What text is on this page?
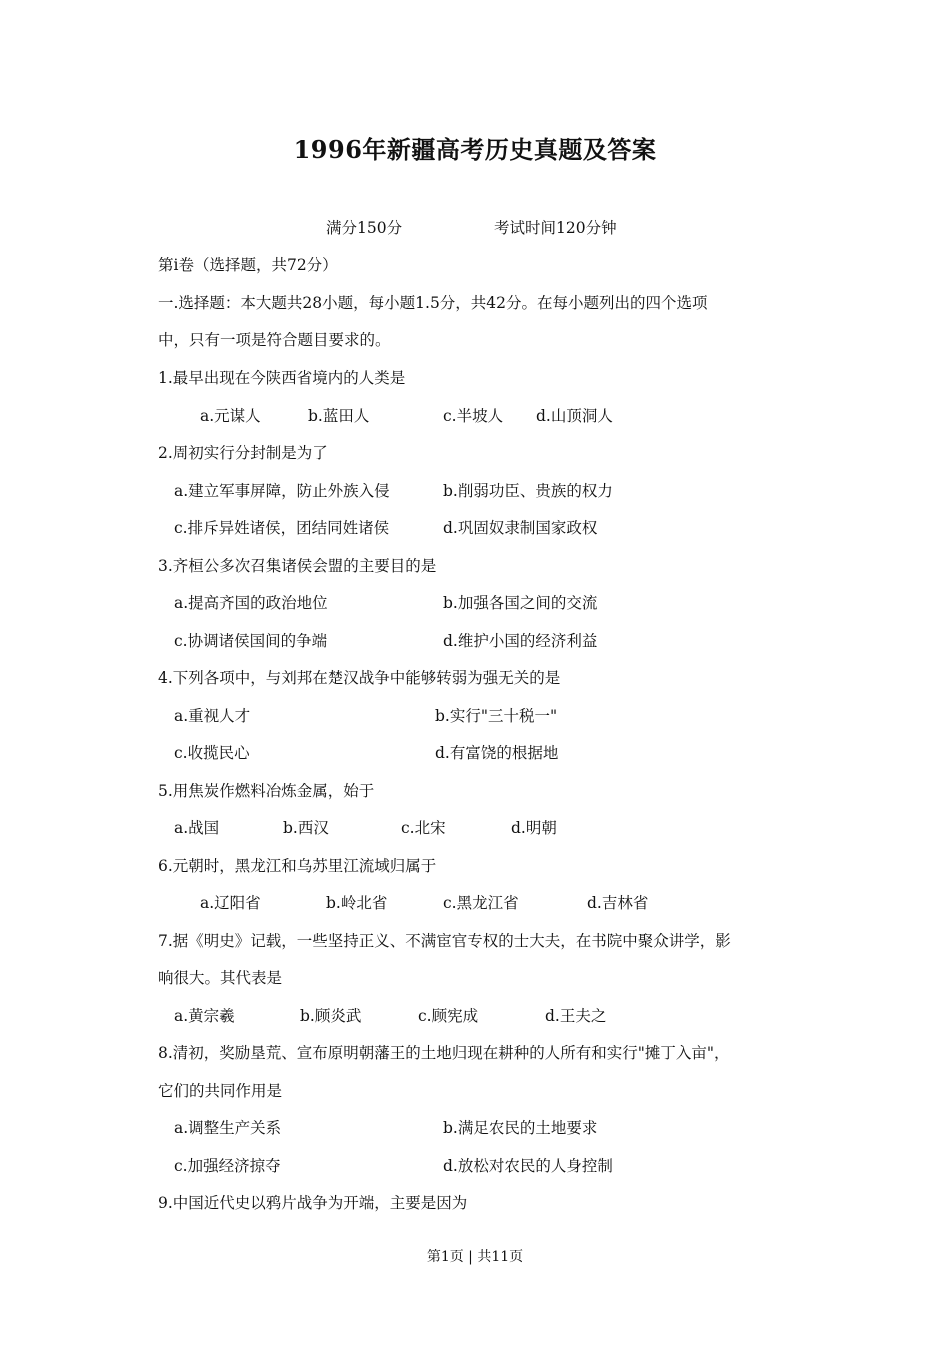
1996年新疆高考历史真题及答案
满分150分	考试时间120分钟
第ⅰ卷（选择题，共72分）
一.选择题：本大题共28小题，每小题1.5分，共42分。在每小题列出的四个选项
中，只有一项是符合题目要求的。
1.最早出现在今陕西省境内的人类是
a.元谋人	b.蓝田人	c.半坡人 d.山顶洞人
2.周初实行分封制是为了
a.建立军事屏障，防止外族入侵	b.削弱功臣、贵族的权力
c.排斥异姓诸侯，团结同姓诸侯	d.巩固奴隶制国家政权
3.齐桓公多次召集诸侯会盟的主要目的是
a.提高齐国的政治地位	b.加强各国之间的交流
c.协调诸侯国间的争端	d.维护小国的经济利益
4.下列各项中，与刘邦在楚汉战争中能够转弱为强无关的是
a.重视人才	b.实行"三十税一"
c.收揽民心	d.有富饶的根据地
5.用焦炭作燃料冶炼金属，始于
a.战国	b.西汉	c.北宋	d.明朝
6.元朝时，黑龙江和乌苏里江流域归属于
a.辽阳省	b.岭北省	c.黑龙江省	d.吉林省
7.据《明史》记载，一些坚持正义、不满宦官专权的士大夫，在书院中聚众讲学，影
响很大。其代表是
a.黄宗羲	b.顾炎武	c.顾宪成	d.王夫之
8.清初，奖励垦荒、宣布原明朝藩王的土地归现在耕种的人所有和实行"摊丁入亩"，
它们的共同作用是
a.调整生产关系	b.满足农民的土地要求
c.加强经济掠夺	d.放松对农民的人身控制
9.中国近代史以鸦片战争为开端，主要是因为
第1页 | 共11页
